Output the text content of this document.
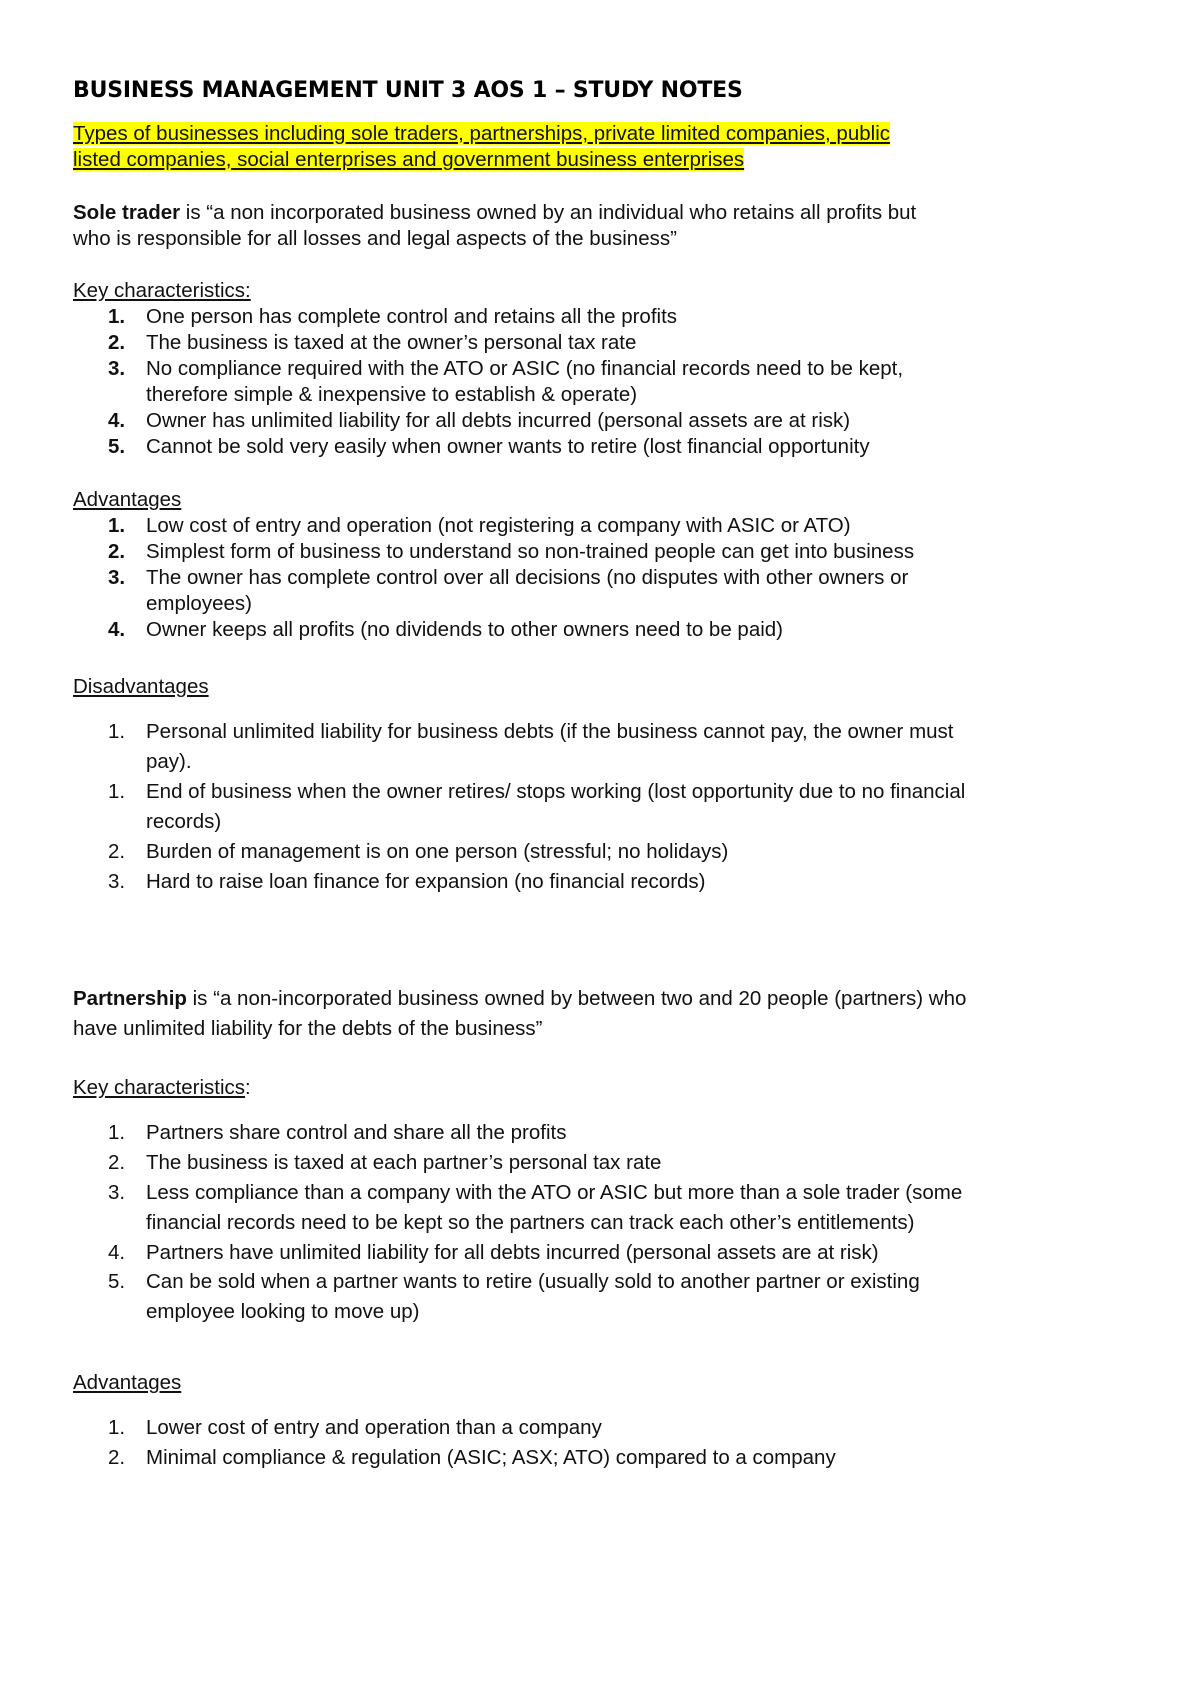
BUSINESS MANAGEMENT UNIT 3 AOS 1 – STUDY NOTES
Types of businesses including sole traders, partnerships, private limited companies, public
listed companies, social enterprises and government business enterprises
Sole trader is “a non incorporated business owned by an individual who retains all profits but
who is responsible for all losses and legal aspects of the business”
Key characteristics:
1. One person has complete control and retains all the profits
2. The business is taxed at the owner’s personal tax rate
3. No compliance required with the ATO or ASIC (no financial records need to be kept,
therefore simple & inexpensive to establish & operate)
4. Owner has unlimited liability for all debts incurred (personal assets are at risk)
5. Cannot be sold very easily when owner wants to retire (lost financial opportunity
Advantages
1. Low cost of entry and operation (not registering a company with ASIC or ATO)
2. Simplest form of business to understand so non-trained people can get into business
3. The owner has complete control over all decisions (no disputes with other owners or
employees)
4. Owner keeps all profits (no dividends to other owners need to be paid)
Disadvantages
1. Personal unlimited liability for business debts (if the business cannot pay, the owner must
pay).
1. End of business when the owner retires/ stops working (lost opportunity due to no financial
records)
2. Burden of management is on one person (stressful; no holidays)
3. Hard to raise loan finance for expansion (no financial records)
Partnership is “a non-incorporated business owned by between two and 20 people (partners) who
have unlimited liability for the debts of the business”
Key characteristics:
1. Partners share control and share all the profits
2. The business is taxed at each partner’s personal tax rate
3. Less compliance than a company with the ATO or ASIC but more than a sole trader (some
financial records need to be kept so the partners can track each other’s entitlements)
4. Partners have unlimited liability for all debts incurred (personal assets are at risk)
5. Can be sold when a partner wants to retire (usually sold to another partner or existing
employee looking to move up)
Advantages
1. Lower cost of entry and operation than a company
2. Minimal compliance & regulation (ASIC; ASX; ATO) compared to a company
